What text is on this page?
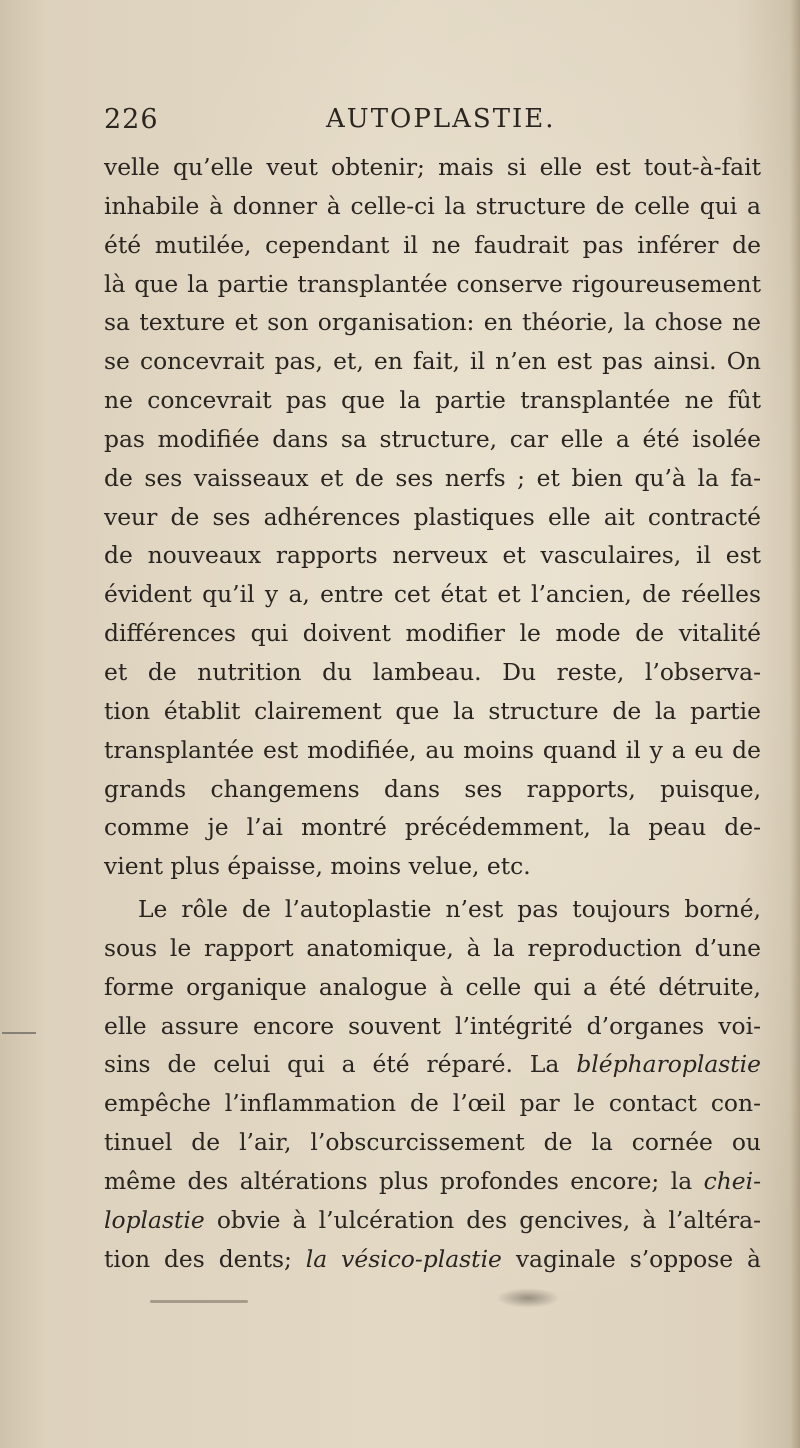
226	AUTOPLASTIE.
velle qu’elle veut obtenir; mais si elle est tout-à-fait
inhabile à donner à celle-ci la structure de celle qui a
été mutilée, cependant il ne faudrait pas inférer de
là que la partie transplantée conserve rigoureusement
sa texture et son organisation: en théorie, la chose ne
se concevrait pas, et, en fait, il n’en est pas ainsi. On
ne concevrait pas que la partie transplantée ne fût
pas modifiée dans sa structure, car elle a été isolée
de ses vaisseaux et de ses nerfs ; et bien qu’à la fa-
veur de ses adhérences plastiques elle ait contracté
de nouveaux rapports nerveux et vasculaires, il est
évident qu’il y a, entre cet état et l’ancien, de réelles
différences qui doivent modifier le mode de vitalité
et de nutrition du lambeau. Du reste, l’observa-
tion établit clairement que la structure de la partie
transplantée est modifiée, au moins quand il y a eu de
grands changemens dans ses rapports, puisque,
comme je l’ai montré précédemment, la peau de-
vient plus épaisse, moins velue, etc.
Le rôle de l’autoplastie n’est pas toujours borné,
sous le rapport anatomique, à la reproduction d’une
forme organique analogue à celle qui a été détruite,
elle assure encore souvent l’intégrité d’organes voi-
sins de celui qui a été réparé. La blépharoplastie
empêche l’inflammation de l’œil par le contact con-
tinuel de l’air, l’obscurcissement de la cornée ou
même des altérations plus profondes encore; la chei-
loplastie obvie à l’ulcération des gencives, à l’altéra-
tion des dents; la vésico-plastie vaginale s’oppose à
